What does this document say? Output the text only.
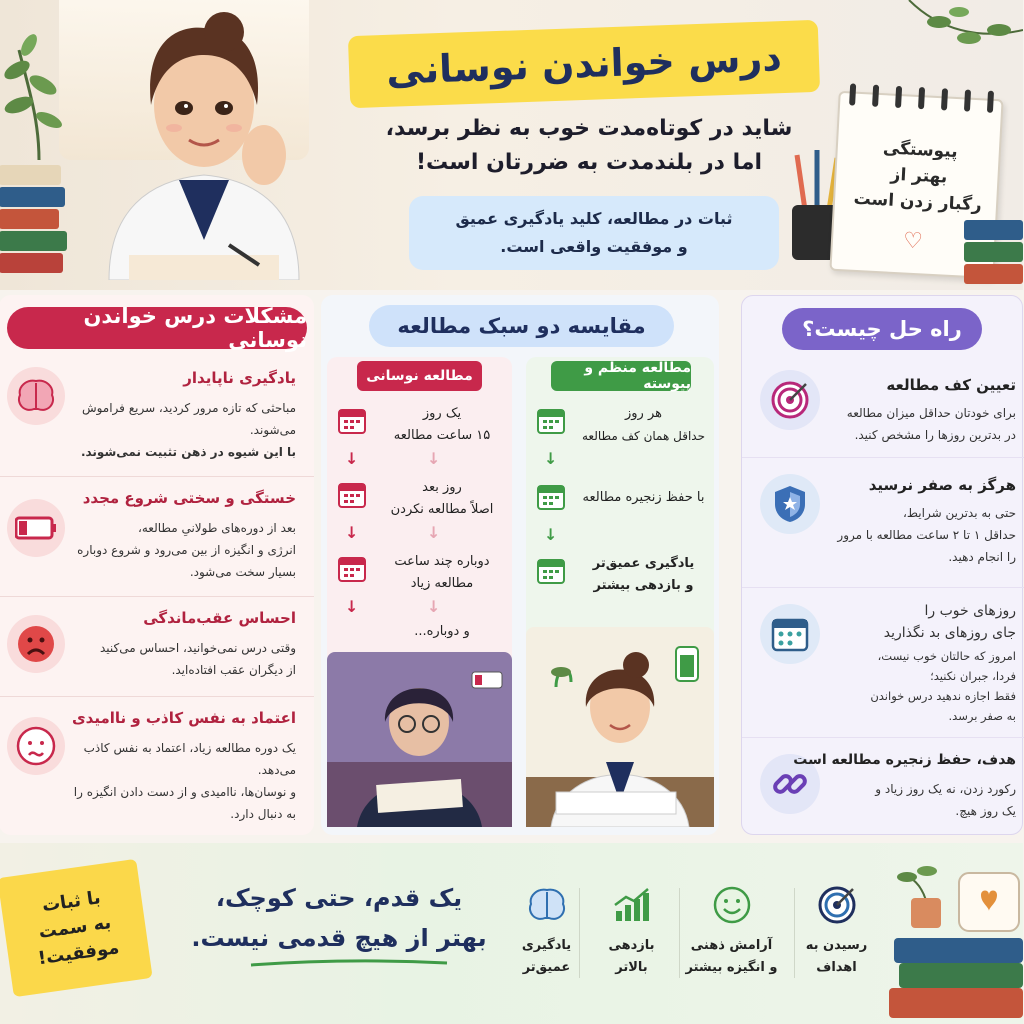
درس خواندن نوسانی
شاید در کوتاه‌مدت خوب به نظر برسد،
اما در بلندمدت به ضررتان است!
ثبات در مطالعه، کلید یادگیری عمیق
و موفقیت واقعی است.
پیوستگی
بهتر از
رگبار زدن است
♡
مشکلات درس خواندن نوسانی
یادگیری ناپایدار
مباحثی که تازه مرور کردید، سریع فراموش می‌شوند.
با این شیوه در ذهن تثبیت نمی‌شوند.
خستگی و سختی شروع مجدد
بعد از دوره‌های طولانیِ مطالعه،
انرژی و انگیزه از بین می‌رود و شروع دوباره
بسیار سخت می‌شود.
احساس عقب‌ماندگی
وقتی درس نمی‌خوانید، احساس می‌کنید
از دیگران عقب افتاده‌اید.
اعتماد به نفس کاذب و ناامیدی
یک دوره مطالعه زیاد، اعتماد به نفس کاذب می‌دهد.
و نوسان‌ها، ناامیدی و از دست دادن انگیزه را
به دنبال دارد.
مقایسه دو سبک مطالعه
مطالعه نوسانی
یک روز
۱۵ ساعت مطالعه
↓	↓
روز بعد
اصلاً مطالعه نکردن
↓	↓
دوباره چند ساعت
مطالعه زیاد
↓	↓
و دوباره...
مطالعه منظم و پیوسته
هر روز
حداقل همان کف مطالعه
↓
با حفظ زنجیره مطالعه
↓
یادگیری عمیق‌تر
و بازدهی بیشتر
راه حل چیست؟
تعیین کف مطالعه
برای خودتان حداقل میزان مطالعه
در بدترین روزها را مشخص کنید.
هرگز به صفر نرسید
حتی به بدترین شرایط،
حداقل ۱ تا ۲ ساعت مطالعه با مرور
را انجام دهید.
روزهای خوب را
جای روزهای بد نگذارید
امروز که حالتان خوب نیست،
فردا، جبران نکنید؛
فقط اجازه ندهید درس خواندن
به صفر برسد.
هدف، حفظ زنجیره مطالعه است
رکورد زدن، نه یک روز زیاد و
یک روز هیچ.
با ثبات
به سمت
موفقیت!
یک قدم، حتی کوچک،
بهتر از هیچ قدمی نیست.	یادگیری
عمیق‌تر
بازدهی
بالاتر
آرامش ذهنی
و انگیزه بیشتر
رسیدن به
اهداف
